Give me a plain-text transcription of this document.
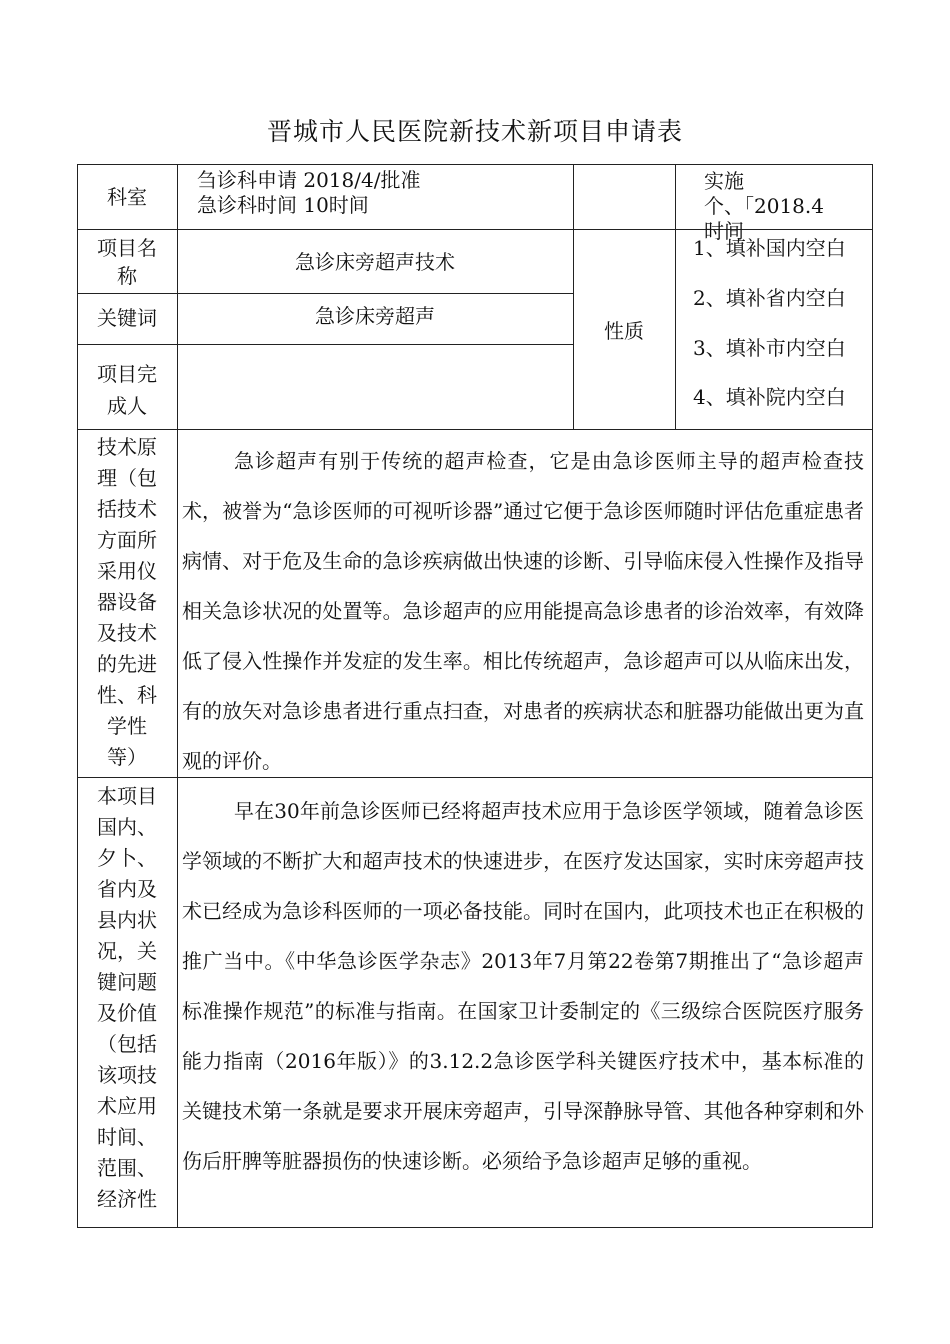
晋城市人民医院新技术新项目申请表
科室
刍诊科申请 2018/4/批准
急诊科时间 10时间
实施
个、「2018.4
时间
项目名称
急诊床旁超声技术
关键词	急诊床旁超声
项目完成人
性质
1、填补国内空白
2、填补省内空白
3、填补市内空白
4、填补院内空白
技术原
理（包
括技术
方面所
采用仪
器设备
及技术
的先进
性、科
学性
等）
急诊超声有别于传统的超声检查，它是由急诊医师主导的超声检查技术，被誉为“急诊医师的可视听诊器”通过它便于急诊医师随时评估危重症患者病情、对于危及生命的急诊疾病做出快速的诊断、引导临床侵入性操作及指导相关急诊状况的处置等。急诊超声的应用能提高急诊患者的诊治效率，有效降低了侵入性操作并发症的发生率。相比传统超声，急诊超声可以从临床出发，有的放矢对急诊患者进行重点扫查，对患者的疾病状态和脏器功能做出更为直观的评价。
本项目
国内、
夕卜、
省内及
县内状
况，关
键问题
及价值
（包括
该项技
术应用
时间、
范围、
经济性
早在30年前急诊医师已经将超声技术应用于急诊医学领域，随着急诊医学领域的不断扩大和超声技术的快速进步，在医疗发达国家，实时床旁超声技术已经成为急诊科医师的一项必备技能。同时在国内，此项技术也正在积极的推广当中。《中华急诊医学杂志》2013年7月第22卷第7期推出了“急诊超声标准操作规范”的标准与指南。在国家卫计委制定的《三级综合医院医疗服务能力指南（2016年版）》的3.12.2急诊医学科关键医疗技术中，基本标准的关键技术第一条就是要求开展床旁超声，引导深静脉导管、其他各种穿刺和外伤后肝脾等脏器损伤的快速诊断。必须给予急诊超声足够的重视。
